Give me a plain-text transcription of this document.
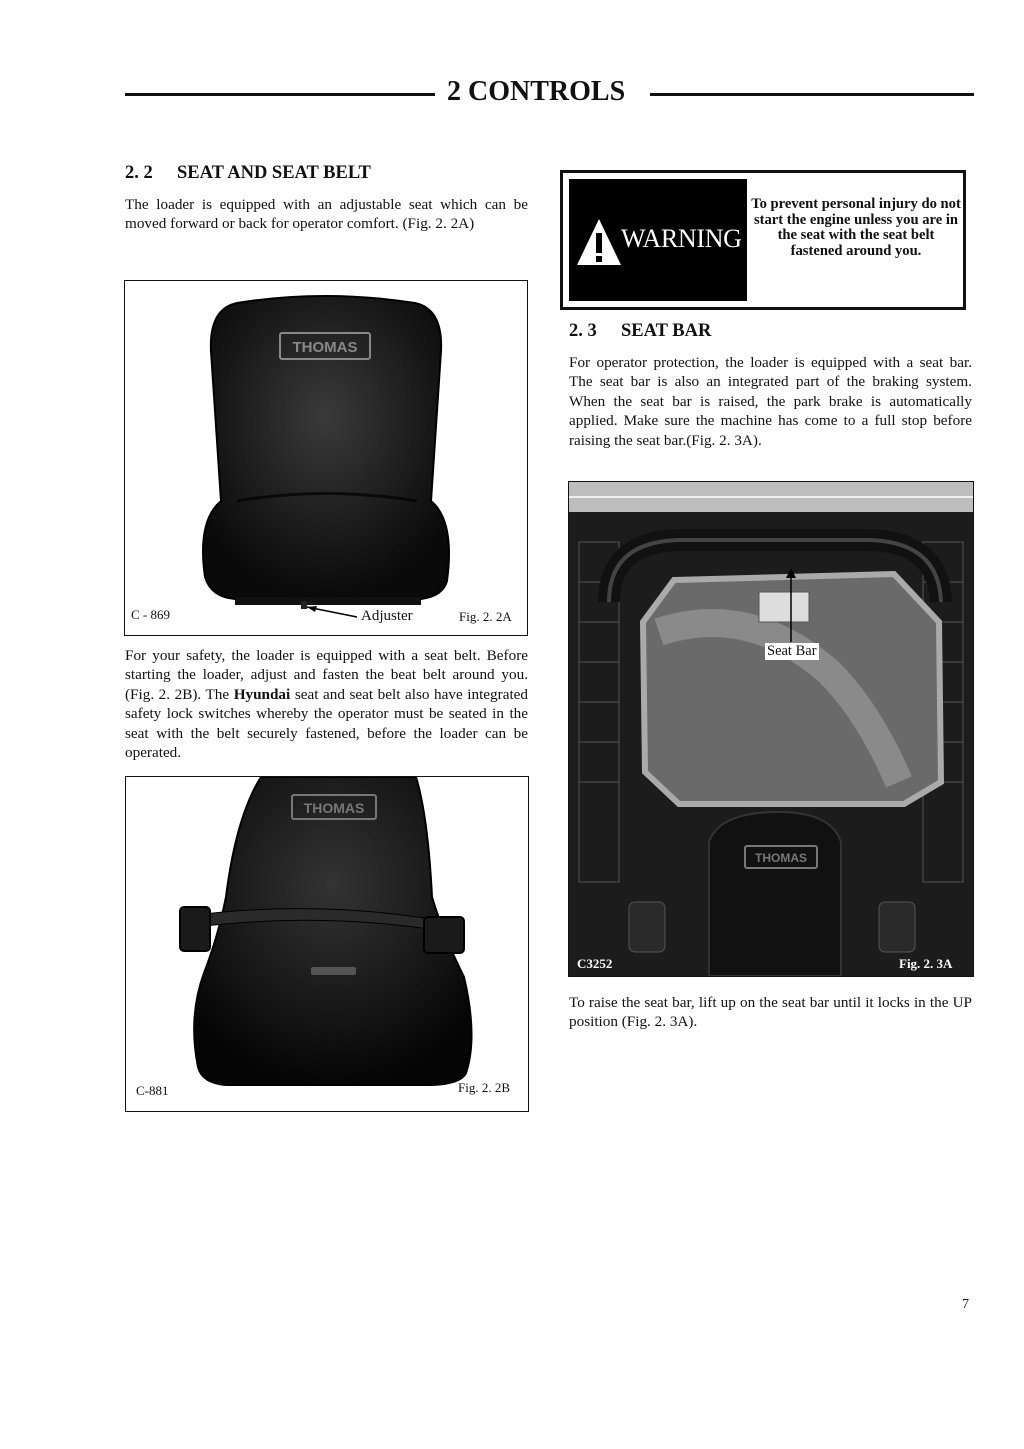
2 CONTROLS
2. 2 SEAT AND SEAT BELT
The loader is equipped with an adjustable seat which can be moved forward or back for operator comfort. (Fig. 2. 2A)
THOMAS
C - 869	Adjuster	Fig. 2. 2A
For your safety, the loader is equipped with a seat belt. Before starting the loader, adjust and fasten the beat belt around you. (Fig. 2. 2B). The Hyundai seat and seat belt also have integrated safety lock switches whereby the operator must be seated in the seat with the belt securely fastened, before the loader can be operated.
THOMAS
C-881	Fig. 2. 2B
WARNING
To prevent personal injury do not start the engine unless you are in the seat with the seat belt fastened around you.
2. 3 SEAT BAR
For operator protection, the loader is equipped with a seat bar. The seat bar is also an integrated part of the braking system. When the seat bar is raised, the park brake is automatically applied. Make sure the machine has come to a full stop before raising the seat bar.(Fig. 2. 3A).
THOMAS
Seat Bar
C3252	Fig. 2. 3A
To raise the seat bar, lift up on the seat bar until it locks in the UP position (Fig. 2. 3A).
7
